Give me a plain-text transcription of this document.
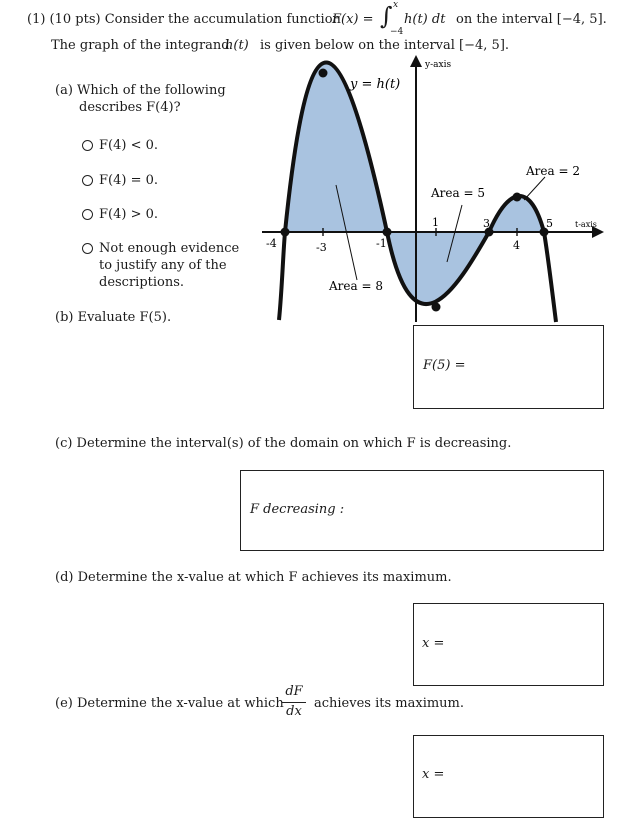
(1) (10 pts) Consider the accumulation function
F(x) = ∫ x
−4
h(t) dt on the interval [−4, 5].
The graph of the integrand
h(t) is given below on the interval [−4, 5].
(a) Which of the following
describes F(4)?
F(4) < 0.
F(4) = 0.
F(4) > 0.
Not enough evidence
to justify any of the
descriptions.
y = h(t)
y-axis
t-axis
-4	-3	-1
1	3
4
5
Area = 8
Area = 5
Area = 2
(b) Evaluate F(5).
F(5) =
(c) Determine the interval(s) of the domain on which F is decreasing.
F decreasing :
(d) Determine the x-value at which F achieves its maximum.
x =
(e) Determine the x-value at which
dF
dx
achieves its maximum.
x =
